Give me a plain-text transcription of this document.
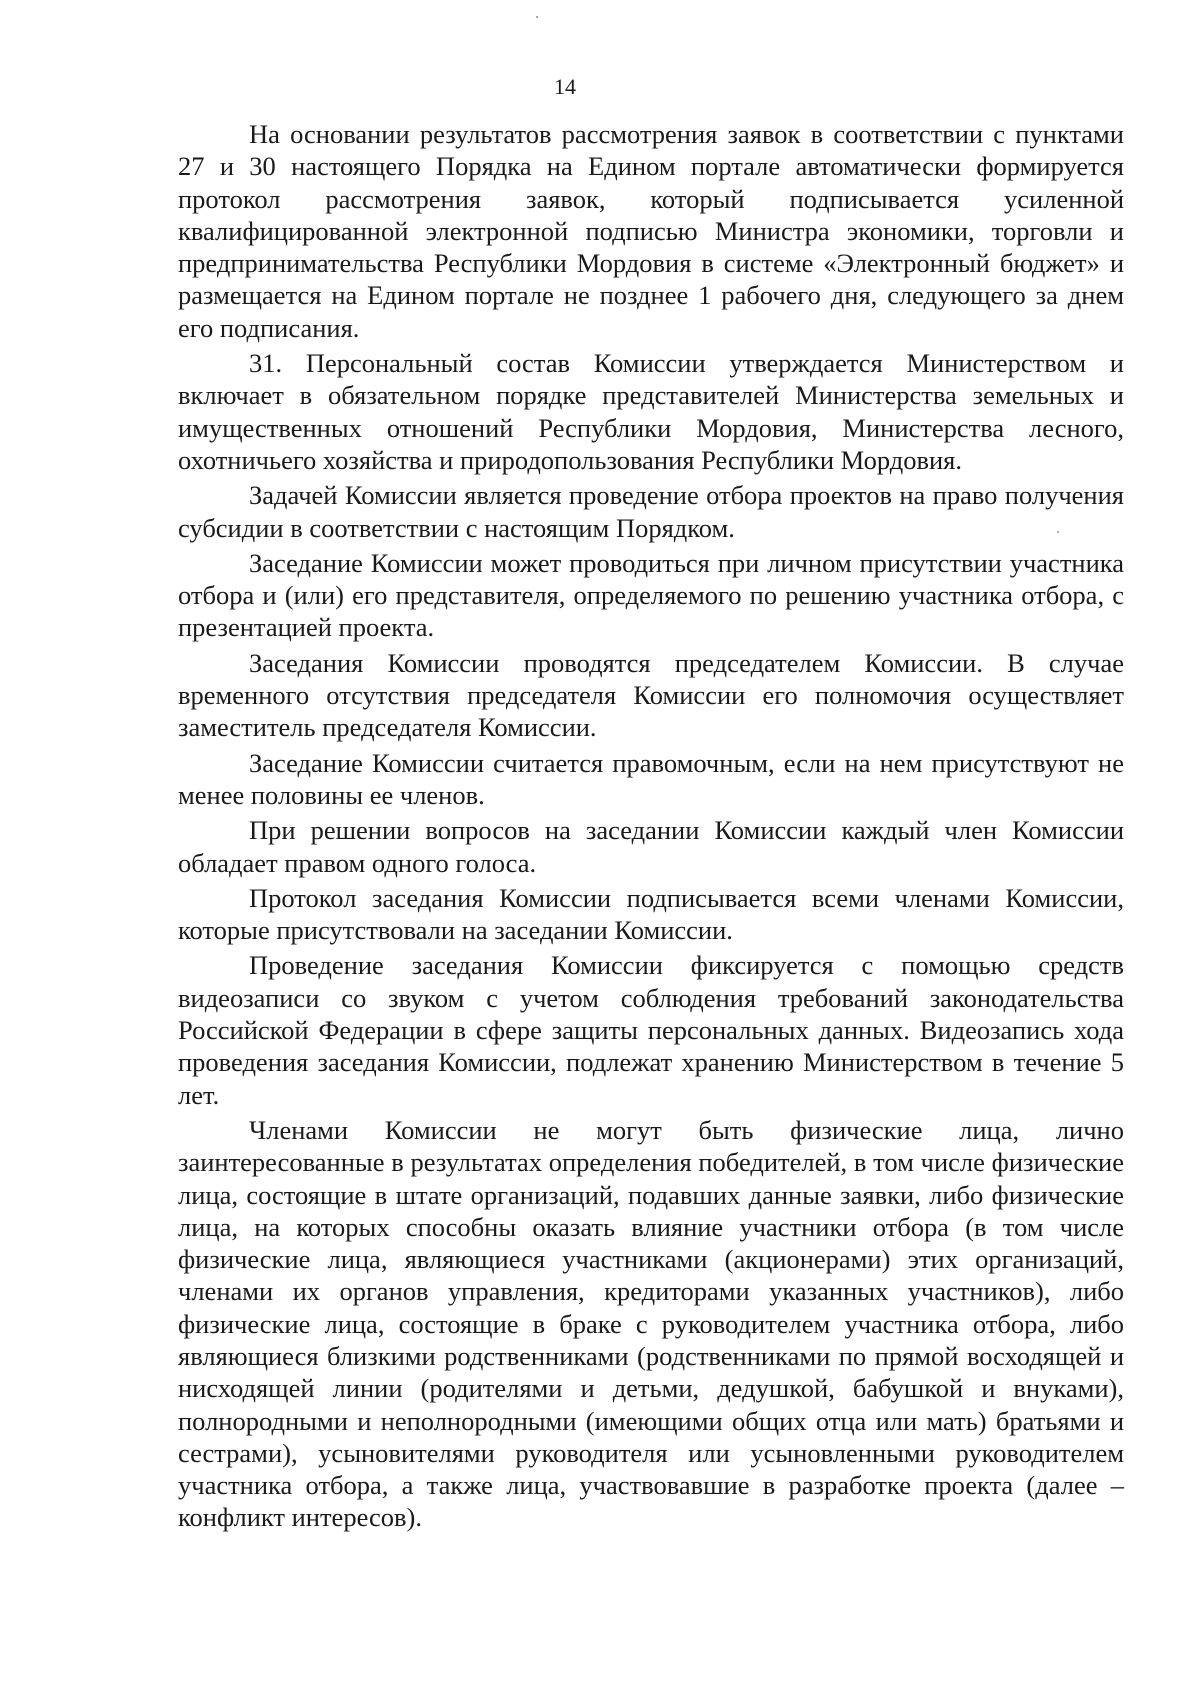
14

На основании результатов рассмотрения заявок в соответствии с пунктами 27 и 30 настоящего Порядка на Едином портале автоматически формируется протокол рассмотрения заявок, который подписывается усиленной квалифицированной электронной подписью Министра экономики, торговли и предпринимательства Республики Мордовия в системе «Электронный бюджет» и размещается на Едином портале не позднее 1 рабочего дня, следующего за днем его подписания.

31. Персональный состав Комиссии утверждается Министерством и включает в обязательном порядке представителей Министерства земельных и имущественных отношений Республики Мордовия, Министерства лесного, охотничьего хозяйства и природопользования Республики Мордовия.

Задачей Комиссии является проведение отбора проектов на право получения субсидии в соответствии с настоящим Порядком.

Заседание Комиссии может проводиться при личном присутствии участника отбора и (или) его представителя, определяемого по решению участника отбора, с презентацией проекта.

Заседания Комиссии проводятся председателем Комиссии. В случае временного отсутствия председателя Комиссии его полномочия осуществляет заместитель председателя Комиссии.

Заседание Комиссии считается правомочным, если на нем присутствуют не менее половины ее членов.

При решении вопросов на заседании Комиссии каждый член Комиссии обладает правом одного голоса.

Протокол заседания Комиссии подписывается всеми членами Комиссии, которые присутствовали на заседании Комиссии.

Проведение заседания Комиссии фиксируется с помощью средств видеозаписи со звуком с учетом соблюдения требований законодательства Российской Федерации в сфере защиты персональных данных. Видеозапись хода проведения заседания Комиссии, подлежат хранению Министерством в течение 5 лет.

Членами Комиссии не могут быть физические лица, лично заинтересованные в результатах определения победителей, в том числе физические лица, состоящие в штате организаций, подавших данные заявки, либо физические лица, на которых способны оказать влияние участники отбора (в том числе физические лица, являющиеся участниками (акционерами) этих организаций, членами их органов управления, кредиторами указанных участников), либо физические лица, состоящие в браке с руководителем участника отбора, либо являющиеся близкими родственниками (родственниками по прямой восходящей и нисходящей линии (родителями и детьми, дедушкой, бабушкой и внуками), полнородными и неполнородными (имеющими общих отца или мать) братьями и сестрами), усыновителями руководителя или усыновленными руководителем участника отбора, а также лица, участвовавшие в разработке проекта (далее – конфликт интересов).
